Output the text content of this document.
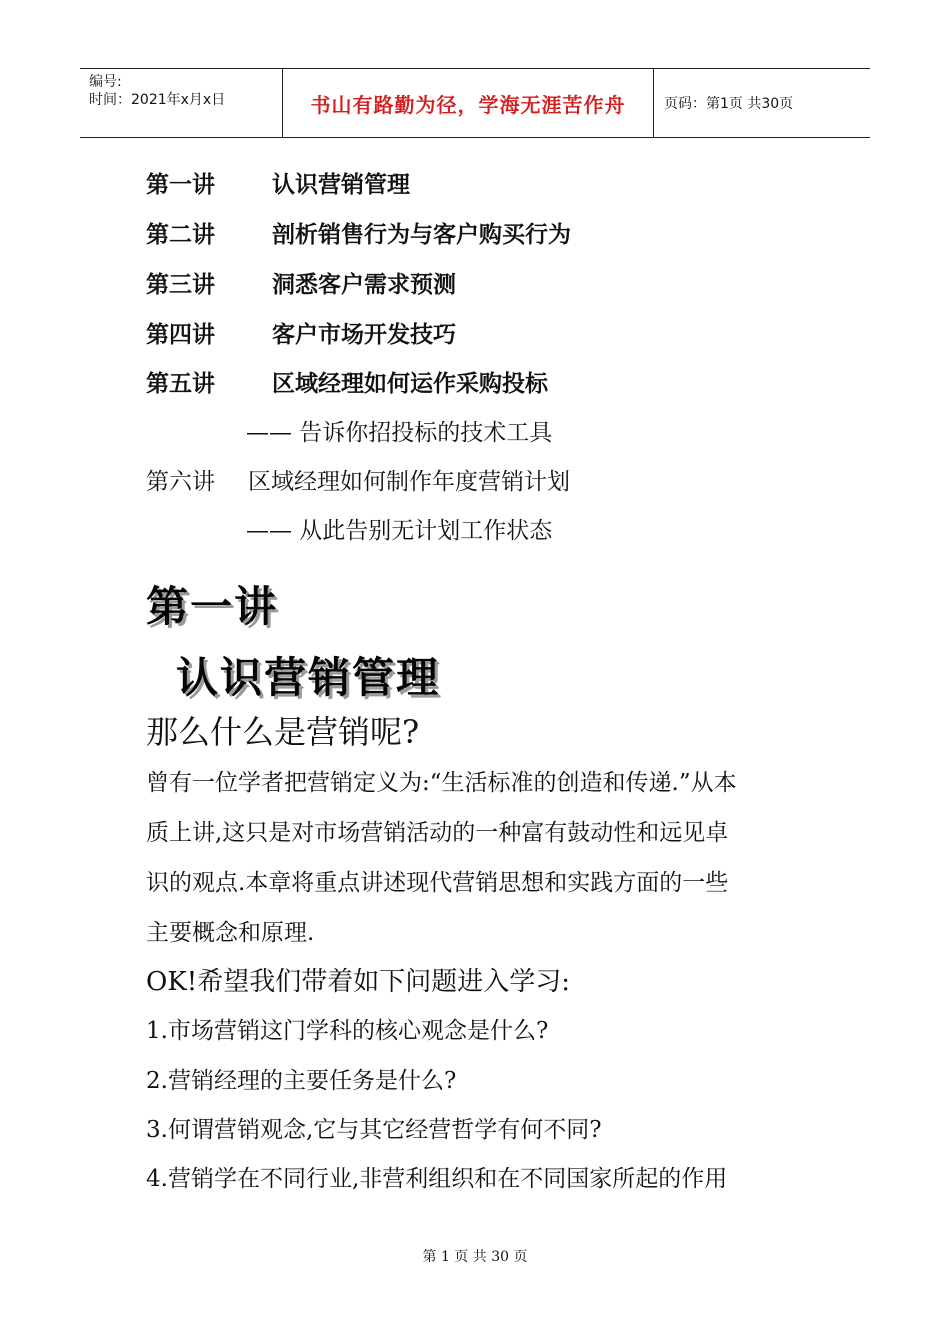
编号:
时间：2021年x月x日	书山有路勤为径，学海无涯苦作舟	页码：第1页 共30页
第一讲 认识营销管理
第二讲 剖析销售行为与客户购买行为
第三讲 洞悉客户需求预测
第四讲 客户市场开发技巧
第五讲 区域经理如何运作采购投标
—— 告诉你招投标的技术工具
第六讲 区域经理如何制作年度营销计划
—— 从此告别无计划工作状态
第一讲
认识营销管理
那么什么是营销呢?
曾有一位学者把营销定义为:“生活标准的创造和传递.”从本
质上讲,这只是对市场营销活动的一种富有鼓动性和远见卓
识的观点.本章将重点讲述现代营销思想和实践方面的一些
主要概念和原理.
OK!希望我们带着如下问题进入学习:
1.市场营销这门学科的核心观念是什么?
2.营销经理的主要任务是什么?
3.何谓营销观念,它与其它经营哲学有何不同?
4.营销学在不同行业,非营利组织和在不同国家所起的作用
第 1 页 共 30 页
